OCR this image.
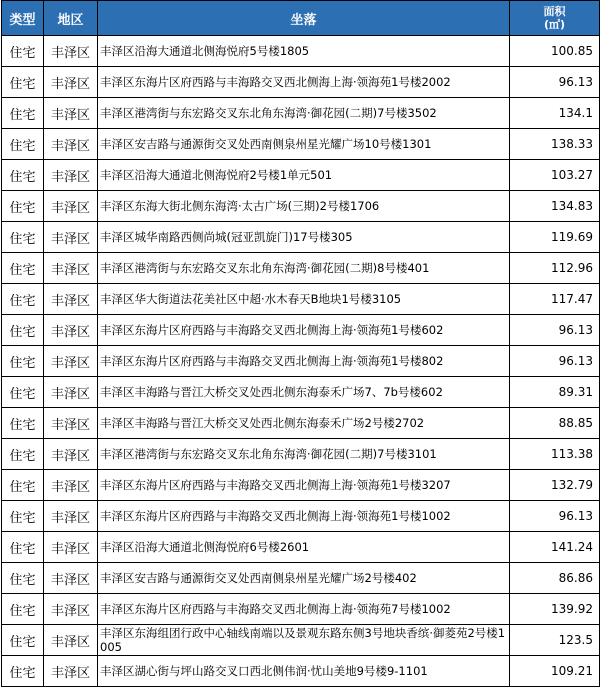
类型	地区	坐落	面积
(㎡)

住宅	丰泽区	丰泽区沿海大通道北侧海悦府5号楼1805	100.85
住宅	丰泽区	丰泽区东海片区府西路与丰海路交叉西北侧海上海·领海苑1号楼2002	96.13
住宅	丰泽区	丰泽区港湾街与东宏路交叉东北角东海湾·御花园(二期)7号楼3502	134.1
住宅	丰泽区	丰泽区安吉路与通源街交叉处西南侧泉州星光耀广场10号楼1301	138.33
住宅	丰泽区	丰泽区沿海大通道北侧海悦府2号楼1单元501	103.27
住宅	丰泽区	丰泽区东海大街北侧东海湾·太古广场(三期)2号楼1706	134.83
住宅	丰泽区	丰泽区城华南路西侧尚城(冠亚凯旋门)17号楼305	119.69
住宅	丰泽区	丰泽区港湾街与东宏路交叉东北角东海湾·御花园(二期)8号楼401	112.96
住宅	丰泽区	丰泽区华大街道法花美社区中超·水木春天B地块1号楼3105	117.47
住宅	丰泽区	丰泽区东海片区府西路与丰海路交叉西北侧海上海·领海苑1号楼602	96.13
住宅	丰泽区	丰泽区东海片区府西路与丰海路交叉西北侧海上海·领海苑1号楼802	96.13
住宅	丰泽区	丰泽区丰海路与晋江大桥交叉处西北侧东海泰禾广场7、7b号楼602	89.31
住宅	丰泽区	丰泽区丰海路与晋江大桥交叉处西北侧东海泰禾广场2号楼2702	88.85
住宅	丰泽区	丰泽区港湾街与东宏路交叉东北角东海湾·御花园(二期)7号楼3101	113.38
住宅	丰泽区	丰泽区东海片区府西路与丰海路交叉西北侧海上海·领海苑1号楼3207	132.79
住宅	丰泽区	丰泽区东海片区府西路与丰海路交叉西北侧海上海·领海苑1号楼1002	96.13
住宅	丰泽区	丰泽区沿海大通道北侧海悦府6号楼2601	141.24
住宅	丰泽区	丰泽区安吉路与通源街交叉处西南侧泉州星光耀广场2号楼402	86.86
住宅	丰泽区	丰泽区东海片区府西路与丰海路交叉西北侧海上海·领海苑7号楼1002	139.92
住宅	丰泽区	丰泽区东海组团行政中心轴线南端以及景观东路东侧3号地块香缤·御菱苑2号楼1005	123.5
住宅	丰泽区	丰泽区湖心街与坪山路交叉口西北侧伟润·忧山美地9号楼9-1101	109.21
